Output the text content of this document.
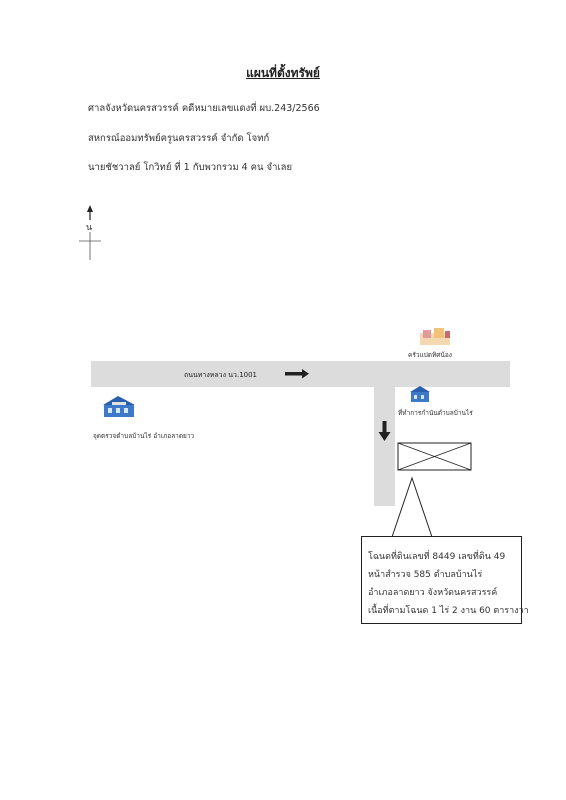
แผนที่ตั้งทรัพย์
ศาลจังหวัดนครสวรรค์ คดีหมายเลขแดงที่ ผบ.243/2566
สหกรณ์ออมทรัพย์ครูนครสวรรค์ จำกัด โจทก์
นายชัชวาลย์ โกวิทย์ ที่ 1 กับพวกรวม 4 คน จำเลย
น
ถนนทางหลวง นว.1001
ครัวแปดทิศน้อง
ที่ทำการกำนันตำบลบ้านไร่
จุดตรวจตำบลบ้านไร่ อำเภอลาดยาว
โฉนดที่ดินเลขที่ 8449 เลขที่ดิน 49
หน้าสำรวจ 585 ตำบลบ้านไร่
อำเภอลาดยาว จังหวัดนครสวรรค์
เนื้อที่ตามโฉนด 1 ไร่ 2 งาน 60 ตารางวา
